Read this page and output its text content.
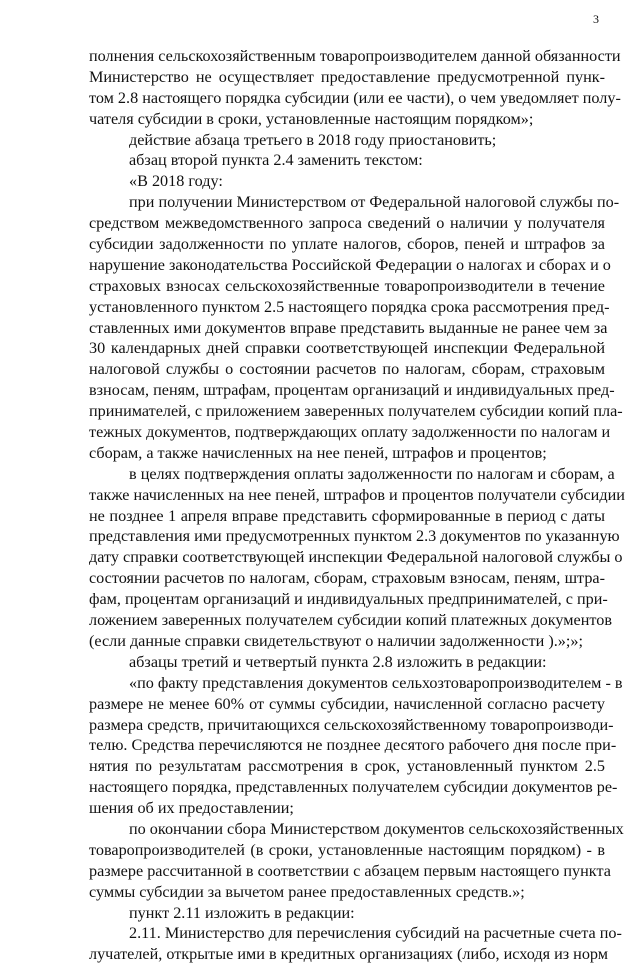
3
полнения сельскохозяйственным товаропроизводителем данной обязанности
Министерство не осуществляет предоставление предусмотренной пунк-
том 2.8 настоящего порядка субсидии (или ее части), о чем уведомляет полу-
чателя субсидии в сроки, установленные настоящим порядком»;
действие абзаца третьего в 2018 году приостановить;
абзац второй пункта 2.4 заменить текстом:
«В 2018 году:
при получении Министерством от Федеральной налоговой службы по-
средством межведомственного запроса сведений о наличии у получателя
субсидии задолженности по уплате налогов, сборов, пеней и штрафов за
нарушение законодательства Российской Федерации о налогах и сборах и о
страховых взносах сельскохозяйственные товаропроизводители в течение
установленного пунктом 2.5 настоящего порядка срока рассмотрения пред-
ставленных ими документов вправе представить выданные не ранее чем за
30 календарных дней справки соответствующей инспекции Федеральной
налоговой службы о состоянии расчетов по налогам, сборам, страховым
взносам, пеням, штрафам, процентам организаций и индивидуальных пред-
принимателей, с приложением заверенных получателем субсидии копий пла-
тежных документов, подтверждающих оплату задолженности по налогам и
сборам, а также начисленных на нее пеней, штрафов и процентов;
в целях подтверждения оплаты задолженности по налогам и сборам, а
также начисленных на нее пеней, штрафов и процентов получатели субсидии
не позднее 1 апреля вправе представить сформированные в период с даты
представления ими предусмотренных пунктом 2.3 документов по указанную
дату справки соответствующей инспекции Федеральной налоговой службы о
состоянии расчетов по налогам, сборам, страховым взносам, пеням, штра-
фам, процентам организаций и индивидуальных предпринимателей, с при-
ложением заверенных получателем субсидии копий платежных документов
(если данные справки свидетельствуют о наличии задолженности ).»;»;
абзацы третий и четвертый пункта 2.8 изложить в редакции:
«по факту представления документов сельхозтоваропроизводителем - в
размере не менее 60% от суммы субсидии, начисленной согласно расчету
размера средств, причитающихся сельскохозяйственному товаропроизводи-
телю. Средства перечисляются не позднее десятого рабочего дня после при-
нятия по результатам рассмотрения в срок, установленный пунктом 2.5
настоящего порядка, представленных получателем субсидии документов ре-
шения об их предоставлении;
по окончании сбора Министерством документов сельскохозяйственных
товаропроизводителей (в сроки, установленные настоящим порядком) - в
размере рассчитанной в соответствии с абзацем первым настоящего пункта
суммы субсидии за вычетом ранее предоставленных средств.»;
пункт 2.11 изложить в редакции:
2.11. Министерство для перечисления субсидий на расчетные счета по-
лучателей, открытые ими в кредитных организациях (либо, исходя из норм
